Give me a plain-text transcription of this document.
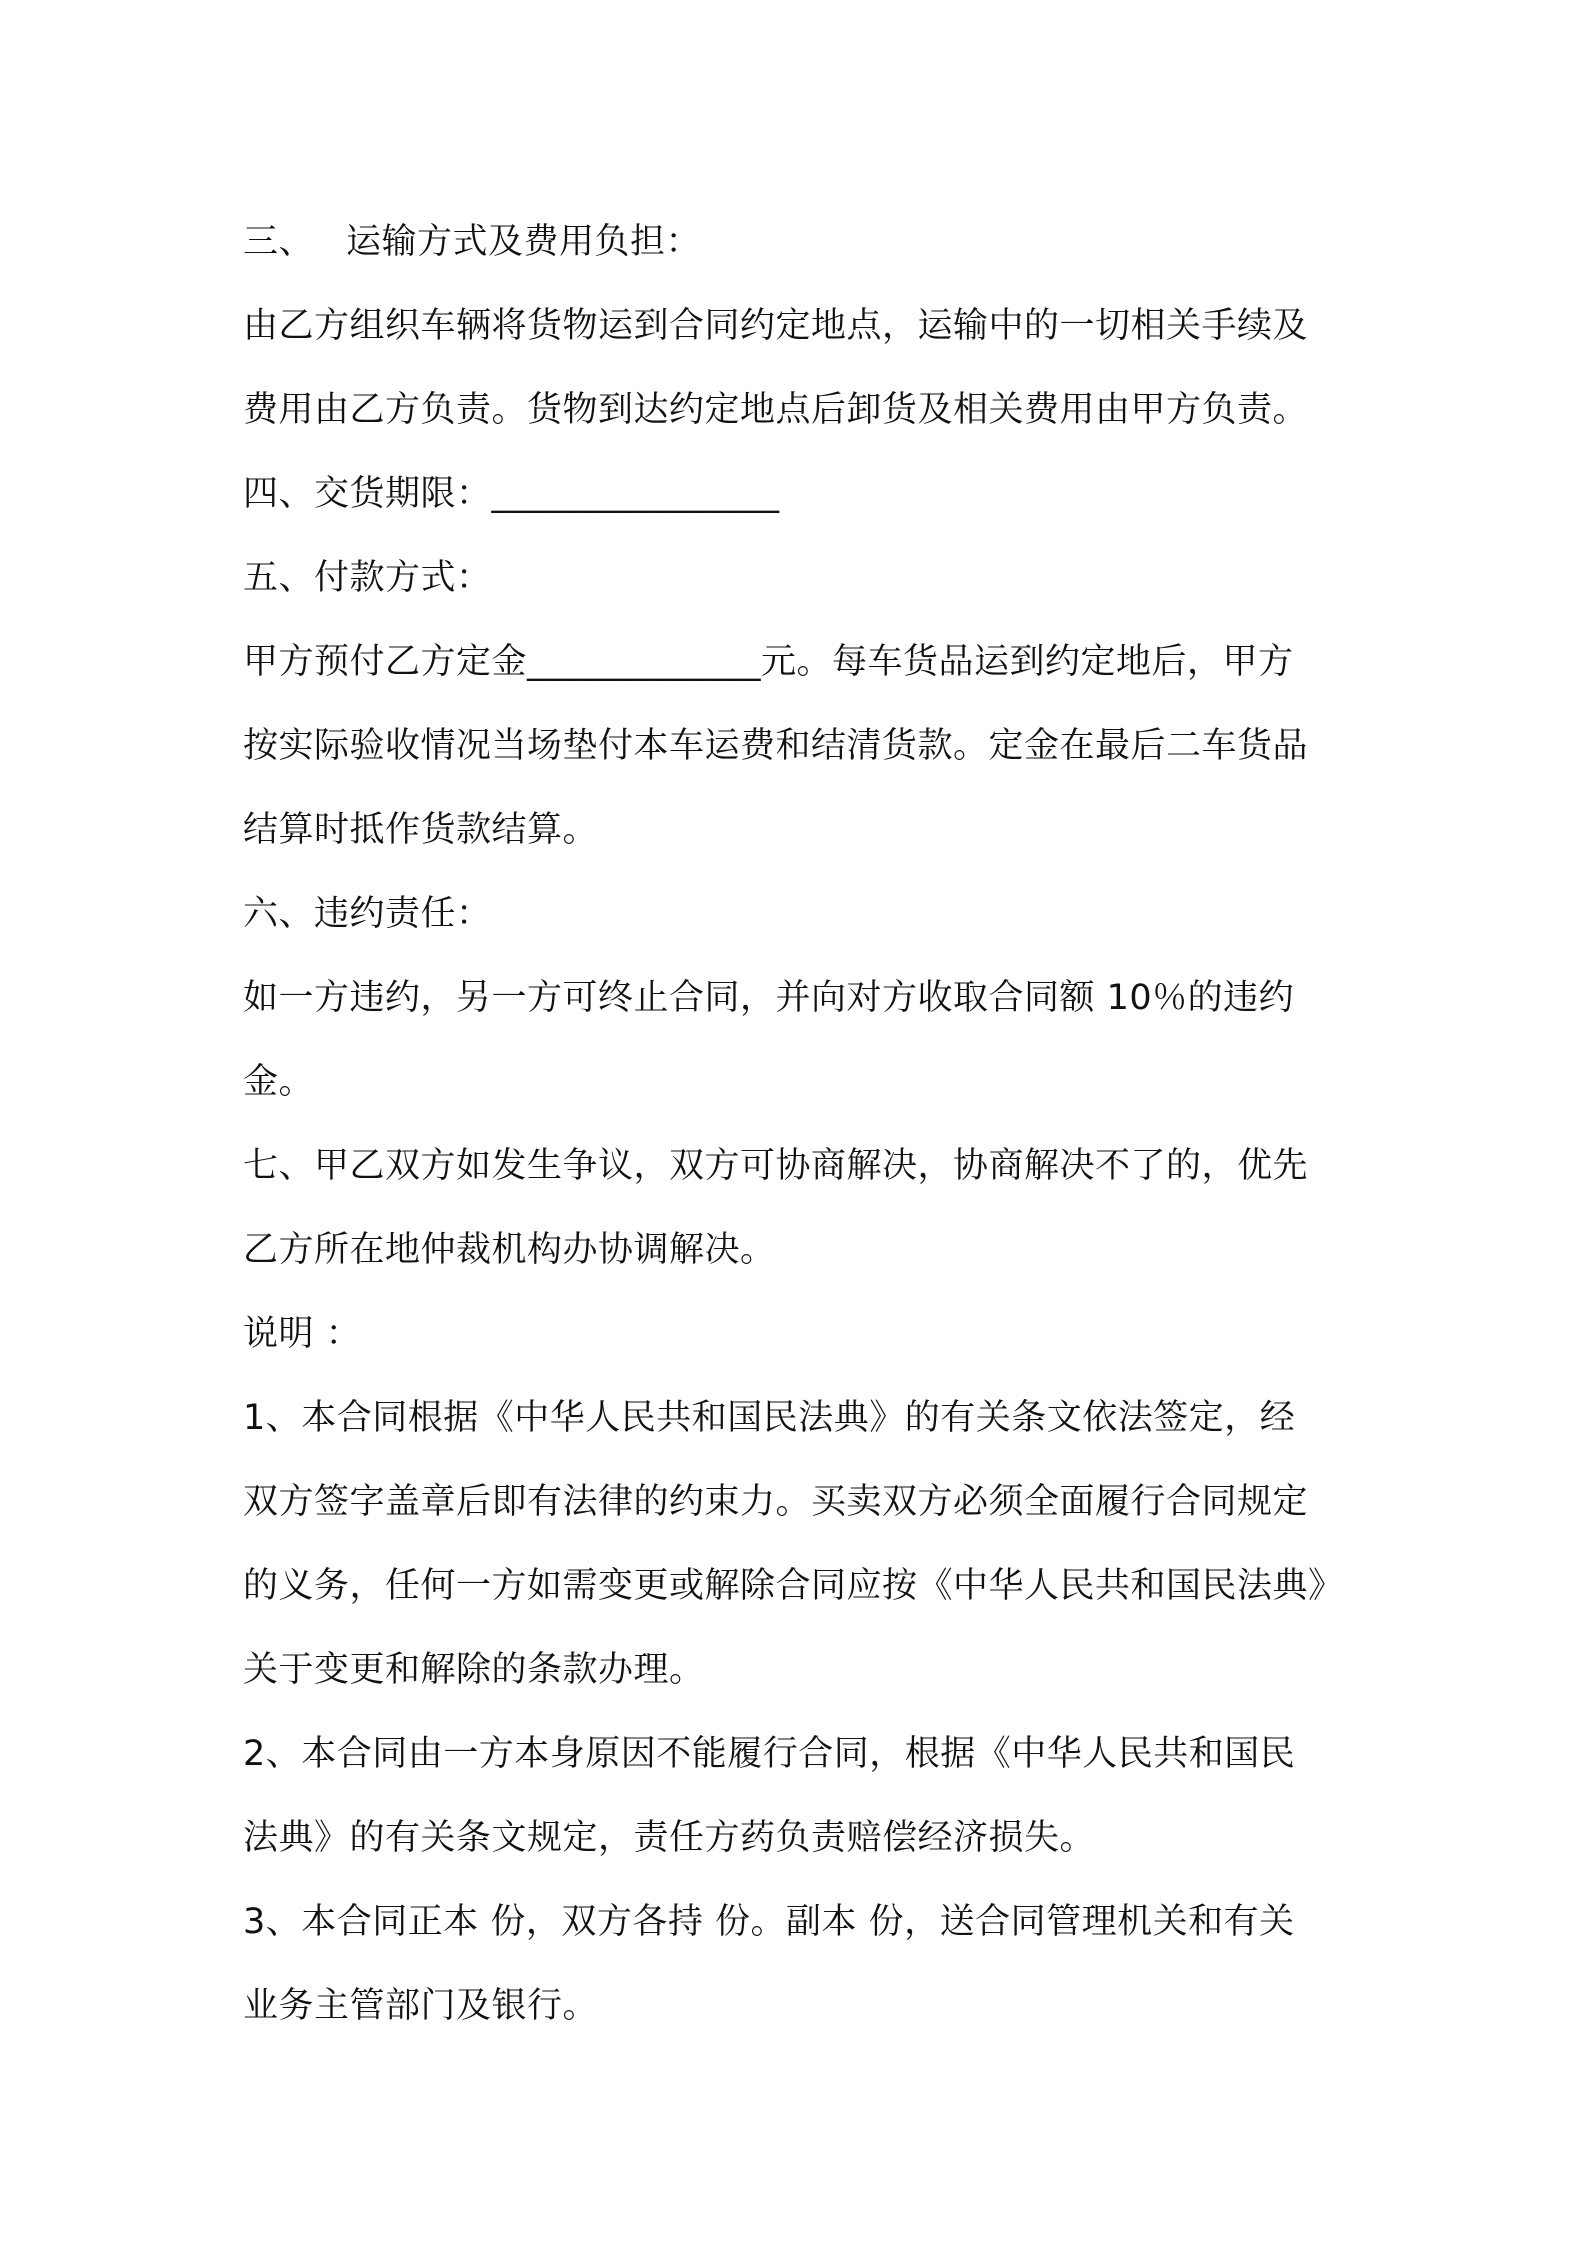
三、 运输方式及费用负担：
由乙方组织车辆将货物运到合同约定地点，运输中的一切相关手续及
费用由乙方负责。货物到达约定地点后卸货及相关费用由甲方负责。
四、交货期限：________________
五、付款方式：
甲方预付乙方定金_____________元。每车货品运到约定地后，甲方
按实际验收情况当场垫付本车运费和结清货款。定金在最后二车货品
结算时抵作货款结算。
六、违约责任：
如一方违约，另一方可终止合同，并向对方收取合同额 10％的违约
金。
七、甲乙双方如发生争议，双方可协商解决，协商解决不了的，优先
乙方所在地仲裁机构办协调解决。
说明 ：
1、本合同根据《中华人民共和国民法典》的有关条文依法签定，经
双方签字盖章后即有法律的约束力。买卖双方必须全面履行合同规定
的义务，任何一方如需变更或解除合同应按《中华人民共和国民法典》
关于变更和解除的条款办理。
2、本合同由一方本身原因不能履行合同，根据《中华人民共和国民
法典》的有关条文规定，责任方药负责赔偿经济损失。
3、本合同正本 份，双方各持 份。副本 份，送合同管理机关和有关
业务主管部门及银行。
